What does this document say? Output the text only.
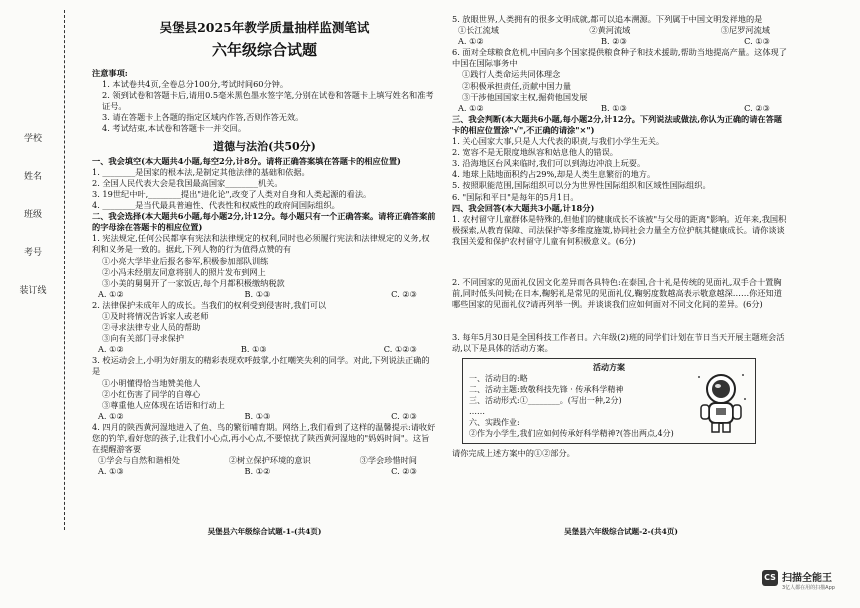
学校
姓名
班级
考号
装订线
吴堡县2025年教学质量抽样监测笔试
六年级综合试题

注意事项:

1. 本试卷共4页,全卷总分100分,考试时间60分钟。

2. 领到试卷和答题卡后,请用0.5毫米黑色墨水签字笔,分别在试卷和答题卡上填写姓名和准考证号。

3. 请在答题卡上各题的指定区域内作答,否则作答无效。

4. 考试结束,本试卷和答题卡一并交回。

道德与法治(共50分)

一、我会填空(本大题共4小题,每空2分,计8分。请将正确答案填在答题卡的相应位置)

1. ________是国家的根本法,是制定其他法律的基础和依据。

2. 全国人民代表大会是我国最高国家________机关。

3. 19世纪中叶,________提出"进化论",改变了人类对自身和人类起源的看法。

4. ________是当代最具普遍性、代表性和权威性的政府间国际组织。

二、我会选择(本大题共6小题,每小题2分,计12分。每小题只有一个正确答案。请将正确答案前的字母涂在答题卡的相应位置)

1. 宪法规定,任何公民都享有宪法和法律规定的权利,同时也必须履行宪法和法律规定的义务,权利和义务是一致的。据此,下列人物的行为值得点赞的有

①小亮大学毕业后报名参军,积极参加部队训练

②小冯未经朋友同意将别人的照片发布到网上

③小美的舅舅开了一家饭店,每个月都积极缴纳税款

A. ①②	B. ①③	C. ②③

2. 法律保护未成年人的成长。当我们的权利受到侵害时,我们可以

①及时将情况告诉家人或老师

②寻求法律专业人员的帮助

③向有关部门寻求保护

A. ①②	B. ①③	C. ①②③

3. 校运动会上,小明为好朋友的精彩表现欢呼鼓掌,小红嘲笑失利的同学。对此,下列说法正确的是

①小明懂得恰当地赞美他人

②小红伤害了同学的自尊心

③尊重他人应体现在话语和行动上

A. ①②	B. ①③	C. ②③

4. 四月的陕西黄河湿地进入了鱼、鸟的繁衍哺育期。网络上,我们看到了这样的温馨提示:请收好您的钓竿,看好您的孩子,让我们小心点,再小心点,不要惊扰了陕西黄河湿地的"妈妈时间"。这旨在提醒游客要

①学会与自然和谐相处	②树立保护环境的意识	③学会珍惜时间
A. ①③	B. ①②	C. ②③
吴堡县六年级综合试题-1-(共4页)

5. 放眼世界,人类拥有的很多文明成就,都可以追本溯源。下列属于中国文明发祥地的是

①长江流域	②黄河流域	③尼罗河流域
A. ①②	B. ②③	C. ①③

6. 面对全球粮食危机,中国向多个国家提供粮食种子和技术援助,帮助当地提高产量。这体现了中国在国际事务中

①践行人类命运共同体理念

②积极承担责任,贡献中国力量

③干涉他国国家主权,掘荷他国发展

A. ①②	B. ①③	C. ②③

三、我会判断(本大题共6小题,每小题2分,计12分。下列说法或做法,你认为正确的请在答题卡的相应位置涂"√",不正确的请涂"×")

1. 关心国家大事,只是人大代表的职责,与我们小学生无关。

2. 宽容不是无限度地纵容和姑息他人的错误。

3. 沿海地区台风来临时,我们可以到海边冲浪上玩耍。

4. 地球上陆地面积约占29%,却是人类生息繁衍的地方。

5. 按照职能范围,国际组织可以分为世界性国际组织和区域性国际组织。

6. "国际和平日"是每年的5月1日。

四、我会回答(本大题共3小题,计18分)

1. 农村留守儿童群体是特殊的,但他们的健康成长不该被"与父母的距离"影响。近年来,我国积极探索,从教育保障、司法保护等多维度施策,协同社会力量全方位护航其健康成长。请你谈谈我国关爱和保护农村留守儿童有何积极意义。(6分)

2. 不同国家的见面礼仪因文化差异而各具特色:在泰国,合十礼是传统的见面礼,双手合十置胸前,同时低头问候;在日本,鞠躬礼是常见的见面礼仪,鞠躬度数越高表示敬意越深……你还知道哪些国家的见面礼仪?请再列举一例。并谈谈我们应如何面对不同文化间的差异。(6分)

3. 每年5月30日是全国科技工作者日。六年级(2)班的同学们计划在节日当天开展主题班会活动,以下是具体的活动方案。

活动方案

一、活动目的:略

二、活动主题:致敬科技先锋 · 传承科学精神

三、活动形式:①________。(写出一种,2分)

……

六、实践作业:

②作为小学生,我们应如何传承好科学精神?(答出两点,4分)

请你完成上述方案中的①②部分。

吴堡县六年级综合试题-2-(共4页)
CS 扫描全能王
3亿人都在用的扫描App
